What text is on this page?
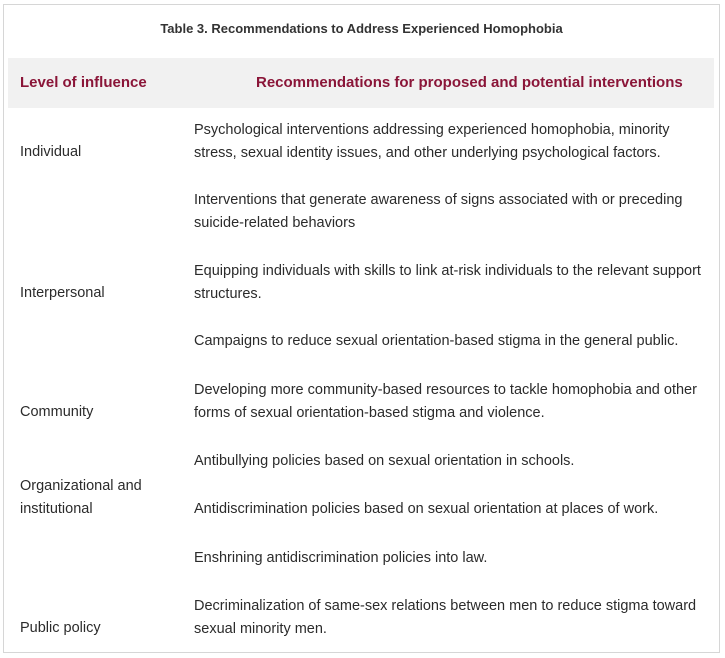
Table 3. Recommendations to Address Experienced Homophobia
Level of influence	Recommendations for proposed and potential interventions
Individual
Interpersonal
Community
Organizational and institutional
Public policy
Psychological interventions addressing experienced homophobia, minority stress, sexual identity issues, and other underlying psychological factors.
Interventions that generate awareness of signs associated with or preceding suicide-related behaviors
Equipping individuals with skills to link at-risk individuals to the relevant support structures.
Campaigns to reduce sexual orientation-based stigma in the general public.
Developing more community-based resources to tackle homophobia and other forms of sexual orientation-based stigma and violence.
Antibullying policies based on sexual orientation in schools.
Antidiscrimination policies based on sexual orientation at places of work.
Enshrining antidiscrimination policies into law.
Decriminalization of same-sex relations between men to reduce stigma toward sexual minority men.
